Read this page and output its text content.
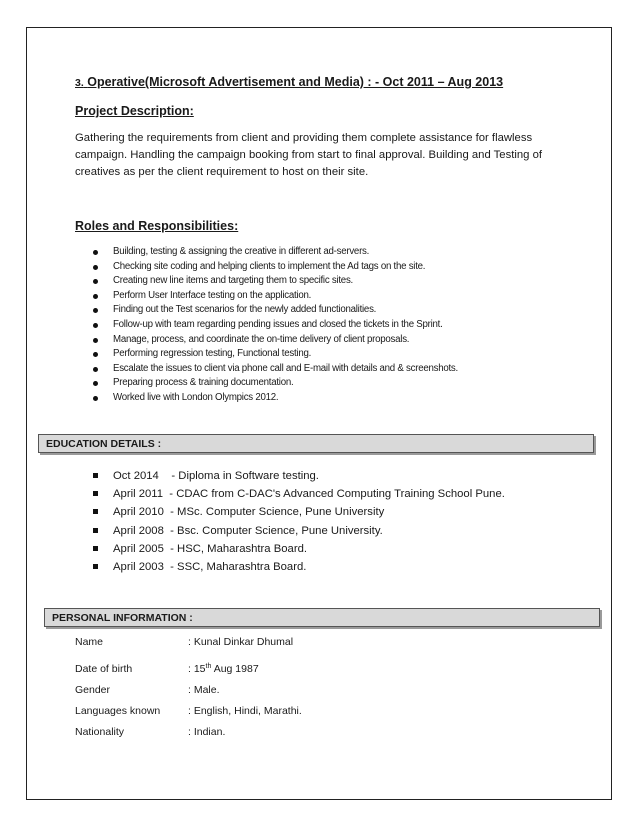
3. Operative(Microsoft Advertisement and Media) : - Oct 2011 – Aug 2013
Project Description:
Gathering the requirements from client and providing them complete assistance for flawless campaign. Handling the campaign booking from start to final approval. Building and Testing of creatives as per the client requirement to host on their site.
Roles and Responsibilities:
Building, testing & assigning the creative in different ad-servers.
Checking site coding and helping clients to implement the Ad tags on the site.
Creating new line items and targeting them to specific sites.
Perform User Interface testing on the application.
Finding out the Test scenarios for the newly added functionalities.
Follow-up with team regarding pending issues and closed the tickets in the Sprint.
Manage, process, and coordinate the on-time delivery of client proposals.
Performing regression testing, Functional testing.
Escalate the issues to client via phone call and E-mail with details and & screenshots.
Preparing process & training documentation.
Worked live with London Olympics 2012.
EDUCATION DETAILS :
Oct 2014    - Diploma in Software testing.
April 2011  - CDAC from C-DAC's Advanced Computing Training School Pune.
April 2010  - MSc. Computer Science, Pune University
April 2008  - Bsc. Computer Science, Pune University.
April 2005  - HSC, Maharashtra Board.
April 2003  - SSC, Maharashtra Board.
PERSONAL INFORMATION :
Name	: Kunal Dinkar Dhumal
Date of birth	: 15th Aug 1987
Gender	: Male.
Languages known	: English, Hindi, Marathi.
Nationality	: Indian.
